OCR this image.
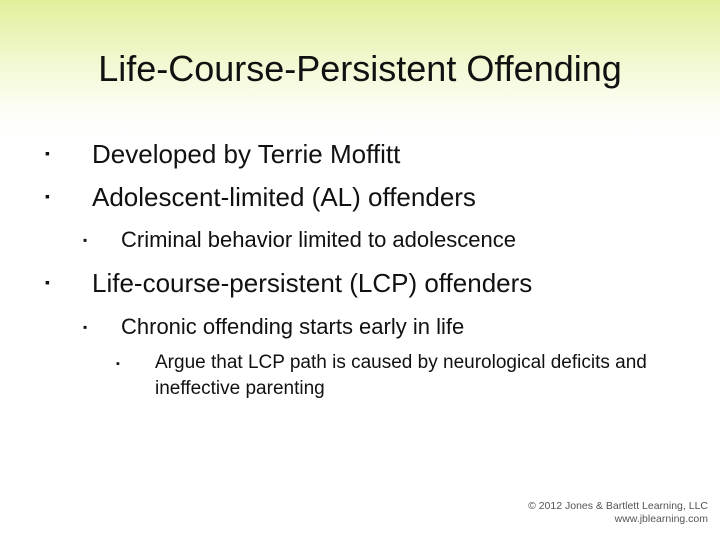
Life-Course-Persistent Offending
▪ Developed by Terrie Moffitt
▪ Adolescent-limited (AL) offenders
▪ Criminal behavior limited to adolescence
▪ Life-course-persistent (LCP) offenders
▪ Chronic offending starts early in life
▪ Argue that LCP path is caused by neurological deficits and ineffective parenting
© 2012 Jones & Bartlett Learning, LLC
www.jblearning.com
